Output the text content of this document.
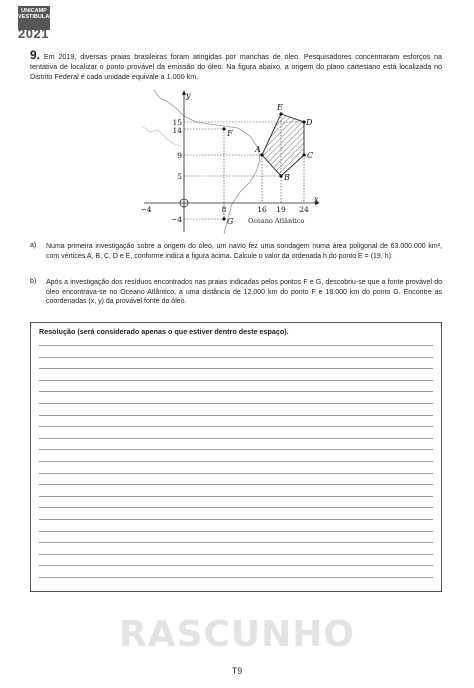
UNICAMP
VESTIBULAR
2021
9. Em 2019, diversas praias brasileiras foram atingidas por manchas de óleo. Pesquisadores concentraram esforços na tentativa de localizar o ponto provável da emissão do óleo. Na figura abaixo, a origem do plano cartesiano está localizada no Distrito Federal e cada unidade equivale a 1.000 km.
x
y
A
B
C
D
E
F
G
15
14
9
5
−4
−4	8	16 19 24
Oceano Atlântico
a) Numa primeira investigação sobre a origem do óleo, um navio fez uma sondagem numa área poligonal de 63.000.000 km², com vértices A, B, C, D e E, conforme indica a figura acima. Calcule o valor da ordenada h do ponto E = (19, h).
b) Após a investigação dos resíduos encontrados nas praias indicadas pelos pontos F e G, descobriu-se que a fonte provável do óleo encontrava-se no Oceano Atlântico, a uma distância de 12.000 km do ponto F e 18.000 km do ponto G. Encontre as coordenadas (x, y) da provável fonte do óleo.
Resolução (será considerado apenas o que estiver dentro deste espaço).
RASCUNHO
T9
